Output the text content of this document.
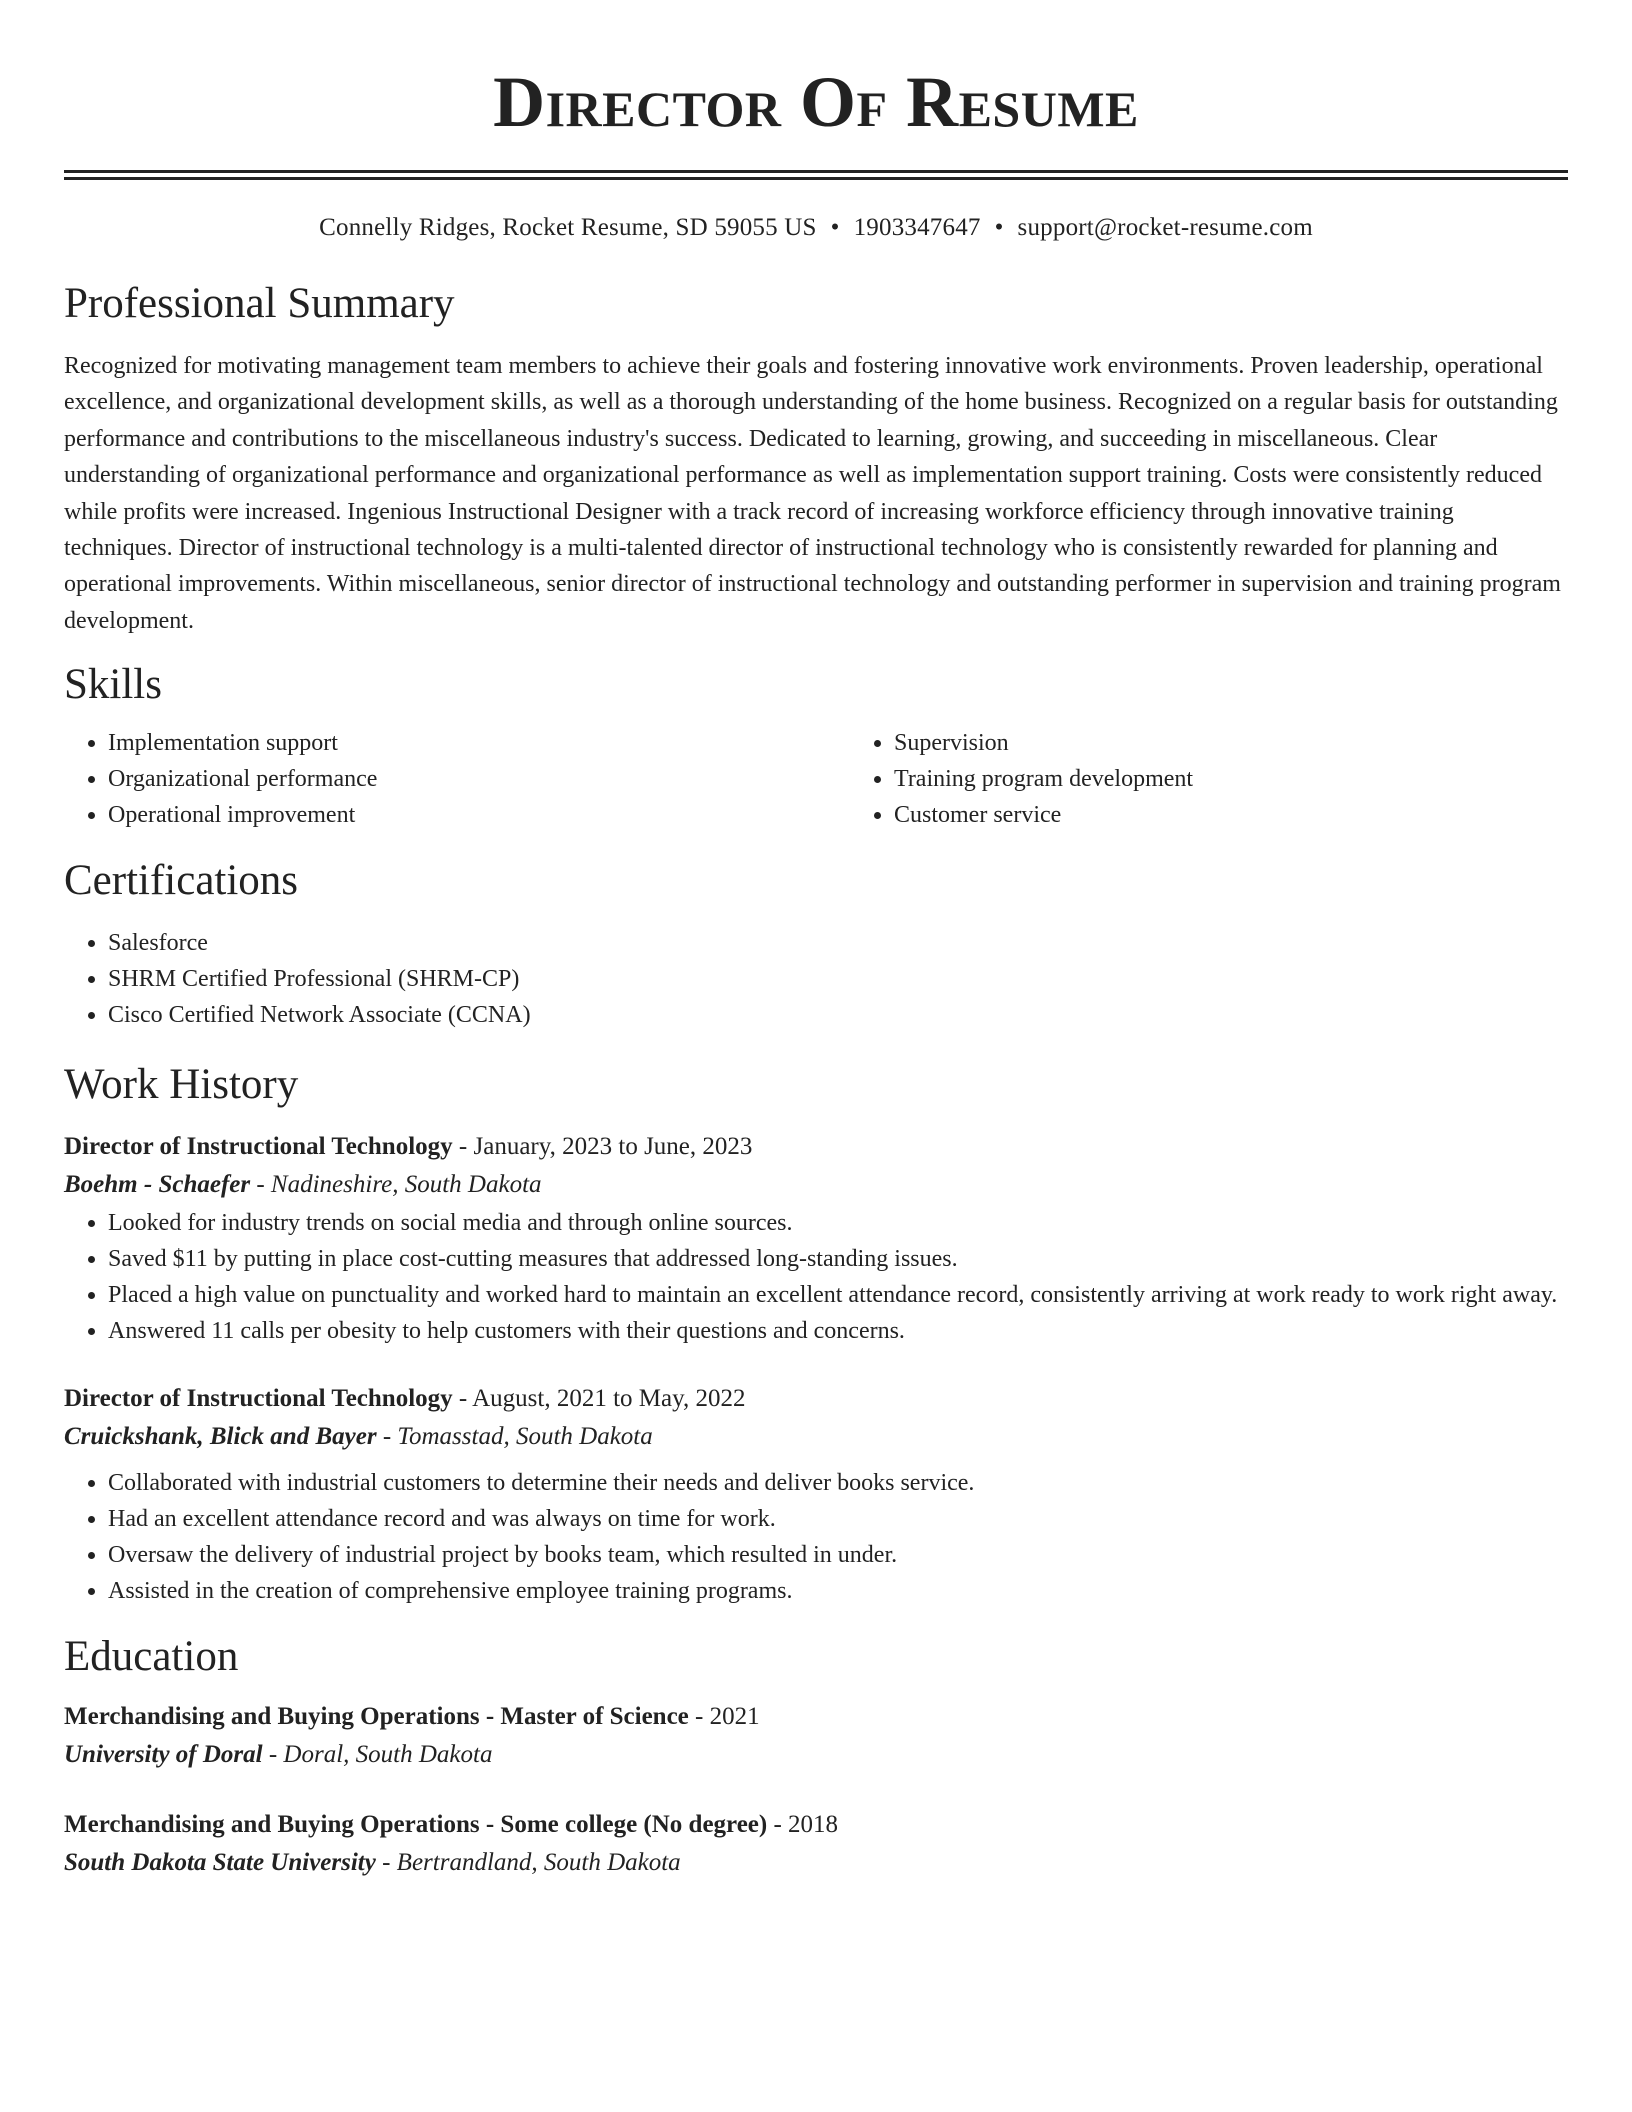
Director Of Resume
Connelly Ridges, Rocket Resume, SD 59055 US • 1903347647 • support@rocket-resume.com
Professional Summary

Recognized for motivating management team members to achieve their goals and fostering innovative work environments. Proven leadership, operational excellence, and organizational development skills, as well as a thorough understanding of the home business. Recognized on a regular basis for outstanding performance and contributions to the miscellaneous industry's success. Dedicated to learning, growing, and succeeding in miscellaneous. Clear understanding of organizational performance and organizational performance as well as implementation support training. Costs were consistently reduced while profits were increased. Ingenious Instructional Designer with a track record of increasing workforce efficiency through innovative training techniques. Director of instructional technology is a multi-talented director of instructional technology who is consistently rewarded for planning and operational improvements. Within miscellaneous, senior director of instructional technology and outstanding performer in supervision and training program development.

Skills
• Implementation support
• Organizational performance
• Operational improvement
• Supervision
• Training program development
• Customer service
Certifications
• Salesforce
• SHRM Certified Professional (SHRM-CP)
• Cisco Certified Network Associate (CCNA)
Work History
Director of Instructional Technology - January, 2023 to June, 2023
Boehm - Schaefer - Nadineshire, South Dakota
• Looked for industry trends on social media and through online sources.
• Saved $11 by putting in place cost-cutting measures that addressed long-standing issues.
• Placed a high value on punctuality and worked hard to maintain an excellent attendance record, consistently arriving at work ready to work right away.
• Answered 11 calls per obesity to help customers with their questions and concerns.
Director of Instructional Technology - August, 2021 to May, 2022
Cruickshank, Blick and Bayer - Tomasstad, South Dakota
• Collaborated with industrial customers to determine their needs and deliver books service.
• Had an excellent attendance record and was always on time for work.
• Oversaw the delivery of industrial project by books team, which resulted in under.
• Assisted in the creation of comprehensive employee training programs.
Education
Merchandising and Buying Operations - Master of Science - 2021
University of Doral - Doral, South Dakota
Merchandising and Buying Operations - Some college (No degree) - 2018
South Dakota State University - Bertrandland, South Dakota
